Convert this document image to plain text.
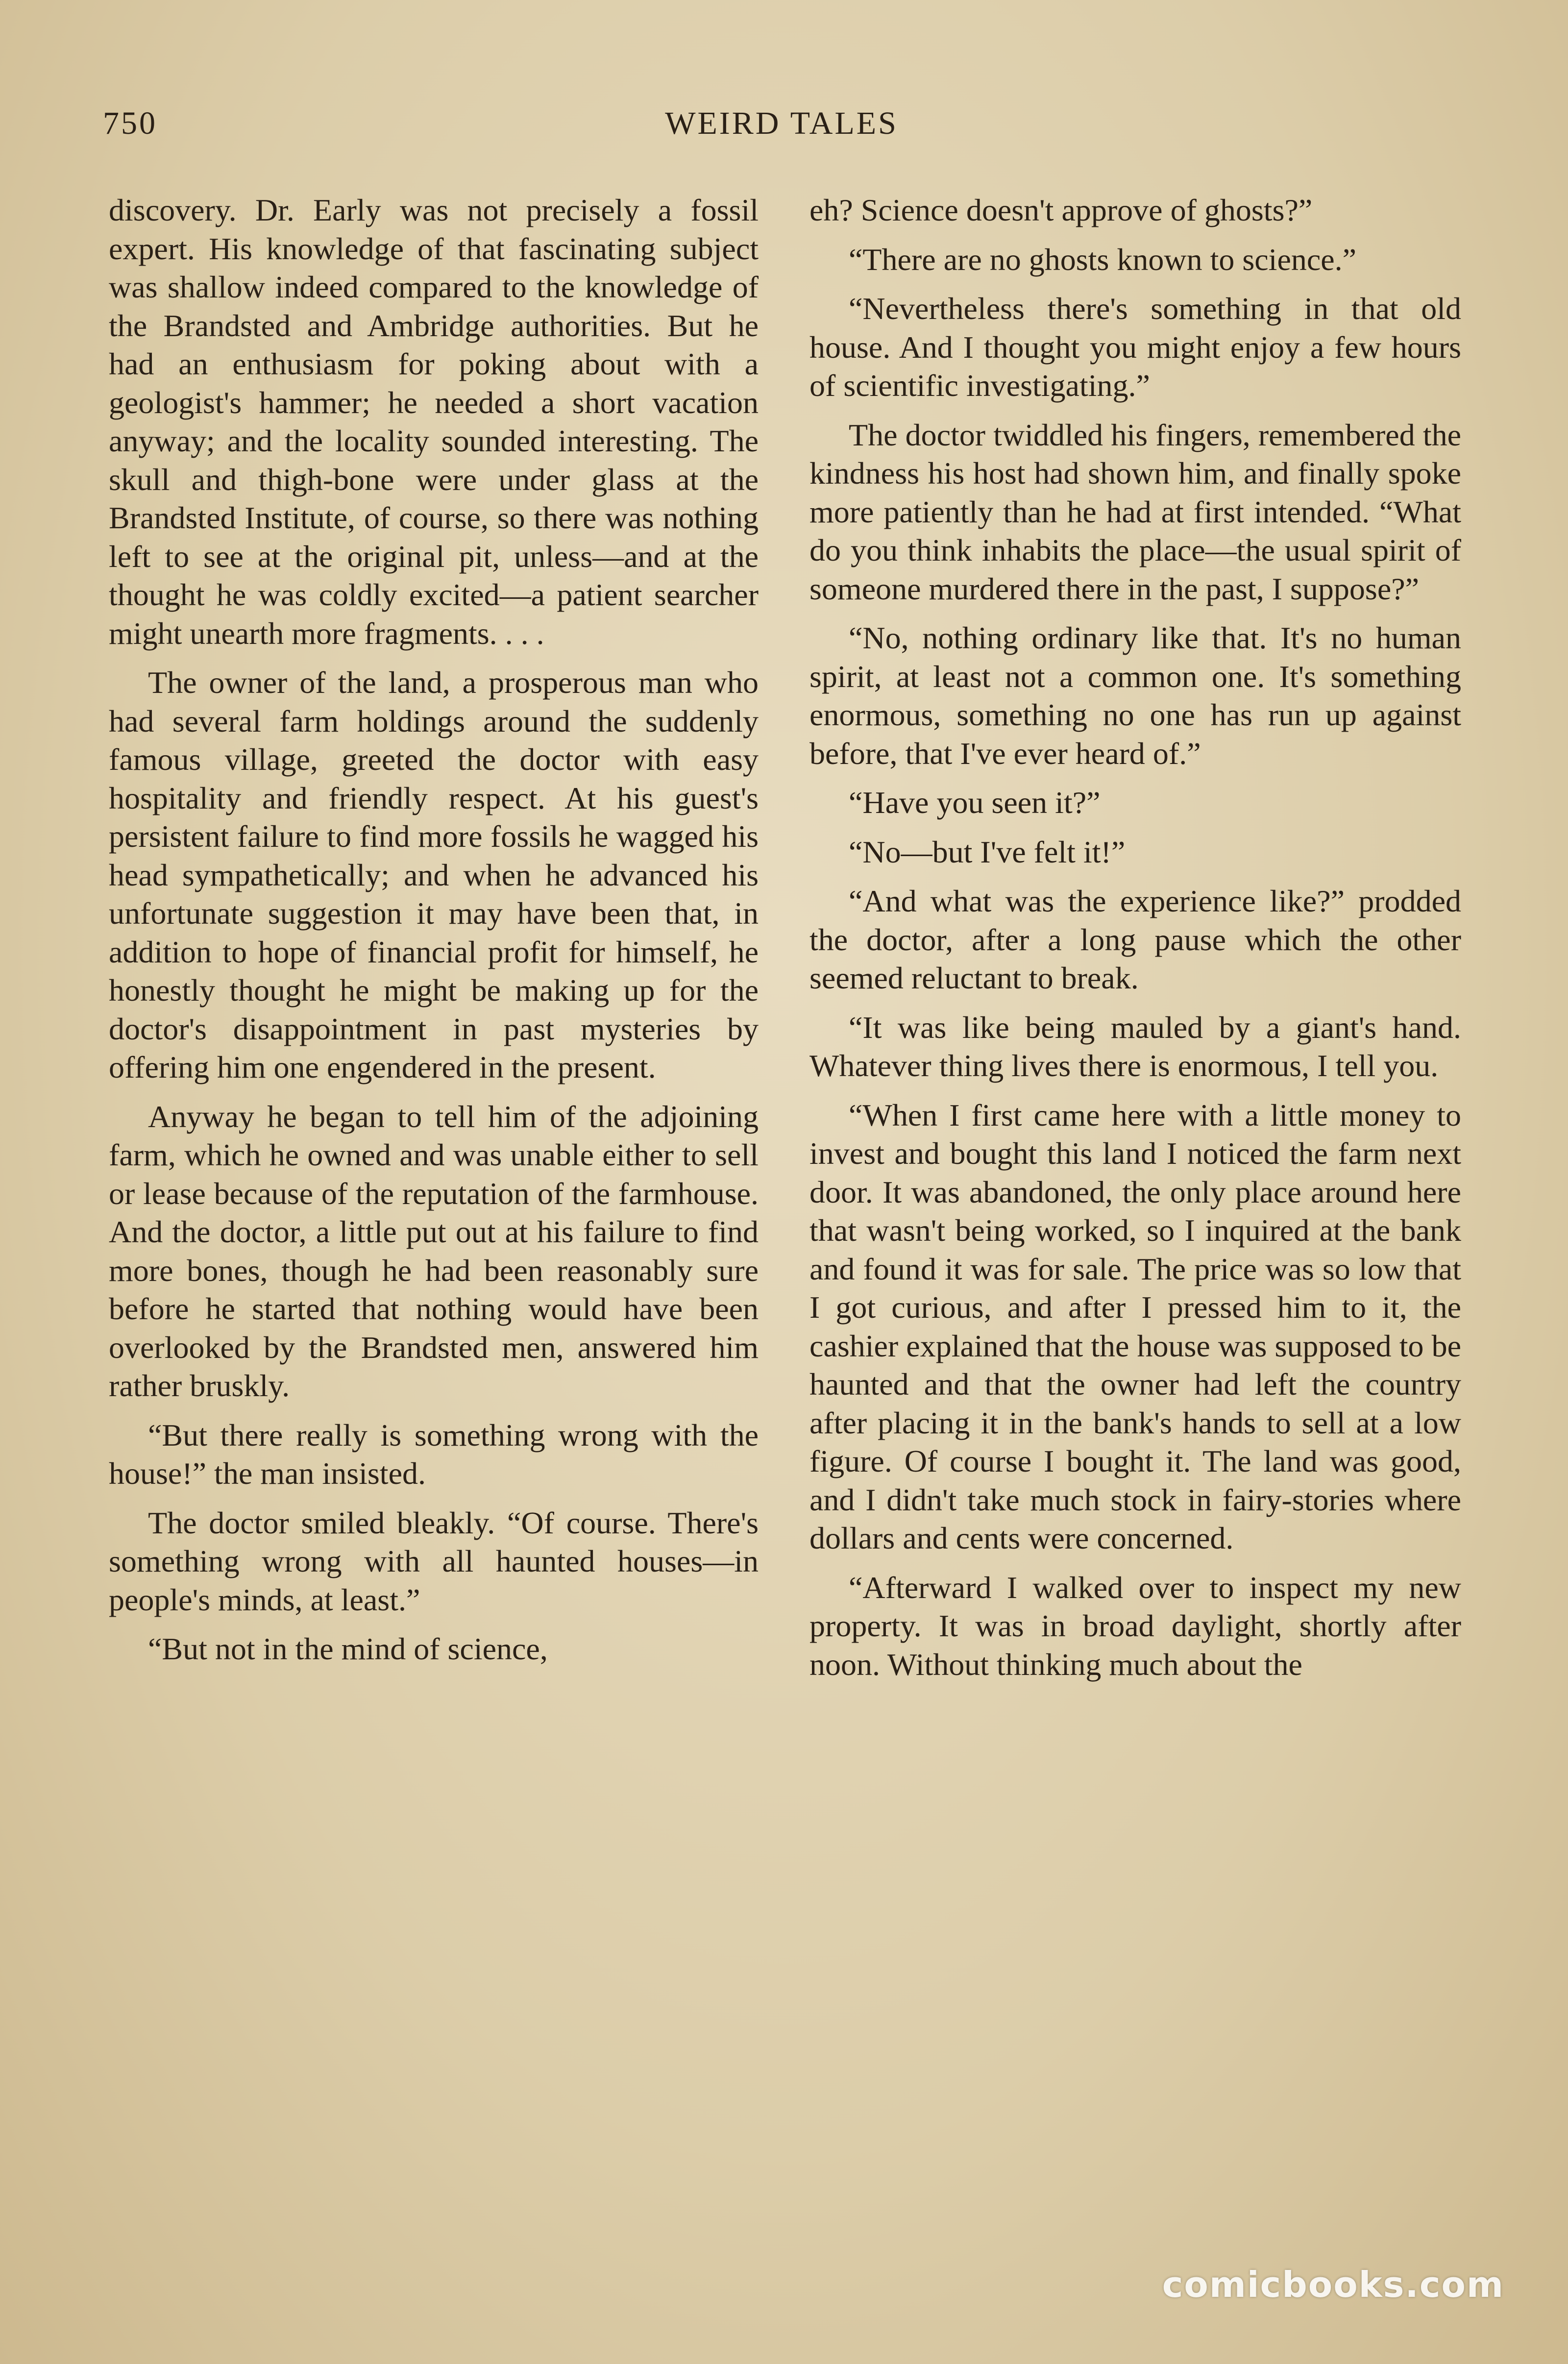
750	WEIRD TALES

discovery. Dr. Early was not precisely a fossil expert. His knowledge of that fascinating subject was shallow indeed compared to the knowledge of the Brandsted and Ambridge authorities. But he had an enthusiasm for poking about with a geologist's hammer; he needed a short vacation anyway; and the locality sounded interesting. The skull and thigh-bone were under glass at the Brandsted Institute, of course, so there was nothing left to see at the original pit, unless—and at the thought he was coldly excited—a patient searcher might unearth more fragments. . . .

The owner of the land, a prosperous man who had several farm holdings around the suddenly famous village, greeted the doctor with easy hospitality and friendly respect. At his guest's persistent failure to find more fossils he wagged his head sympathetically; and when he advanced his unfortunate suggestion it may have been that, in addition to hope of financial profit for himself, he honestly thought he might be making up for the doctor's disappointment in past mysteries by offering him one engendered in the present.

Anyway he began to tell him of the adjoining farm, which he owned and was unable either to sell or lease because of the reputation of the farmhouse. And the doctor, a little put out at his failure to find more bones, though he had been reasonably sure before he started that nothing would have been overlooked by the Brandsted men, answered him rather bruskly.

“But there really is something wrong with the house!” the man insisted.

The doctor smiled bleakly. “Of course. There's something wrong with all haunted houses—in people's minds, at least.”

“But not in the mind of science,

eh? Science doesn't approve of ghosts?”

“There are no ghosts known to science.”

“Nevertheless there's something in that old house. And I thought you might enjoy a few hours of scientific investigating.”

The doctor twiddled his fingers, remembered the kindness his host had shown him, and finally spoke more patiently than he had at first intended. “What do you think inhabits the place—the usual spirit of someone murdered there in the past, I suppose?”

“No, nothing ordinary like that. It's no human spirit, at least not a common one. It's something enormous, something no one has run up against before, that I've ever heard of.”

“Have you seen it?”

“No—but I've felt it!”

“And what was the experience like?” prodded the doctor, after a long pause which the other seemed reluctant to break.

“It was like being mauled by a giant's hand. Whatever thing lives there is enormous, I tell you.

“When I first came here with a little money to invest and bought this land I noticed the farm next door. It was abandoned, the only place around here that wasn't being worked, so I inquired at the bank and found it was for sale. The price was so low that I got curious, and after I pressed him to it, the cashier explained that the house was supposed to be haunted and that the owner had left the country after placing it in the bank's hands to sell at a low figure. Of course I bought it. The land was good, and I didn't take much stock in fairy-stories where dollars and cents were concerned.

“Afterward I walked over to inspect my new property. It was in broad daylight, shortly after noon. Without thinking much about the

comicbooks.com
